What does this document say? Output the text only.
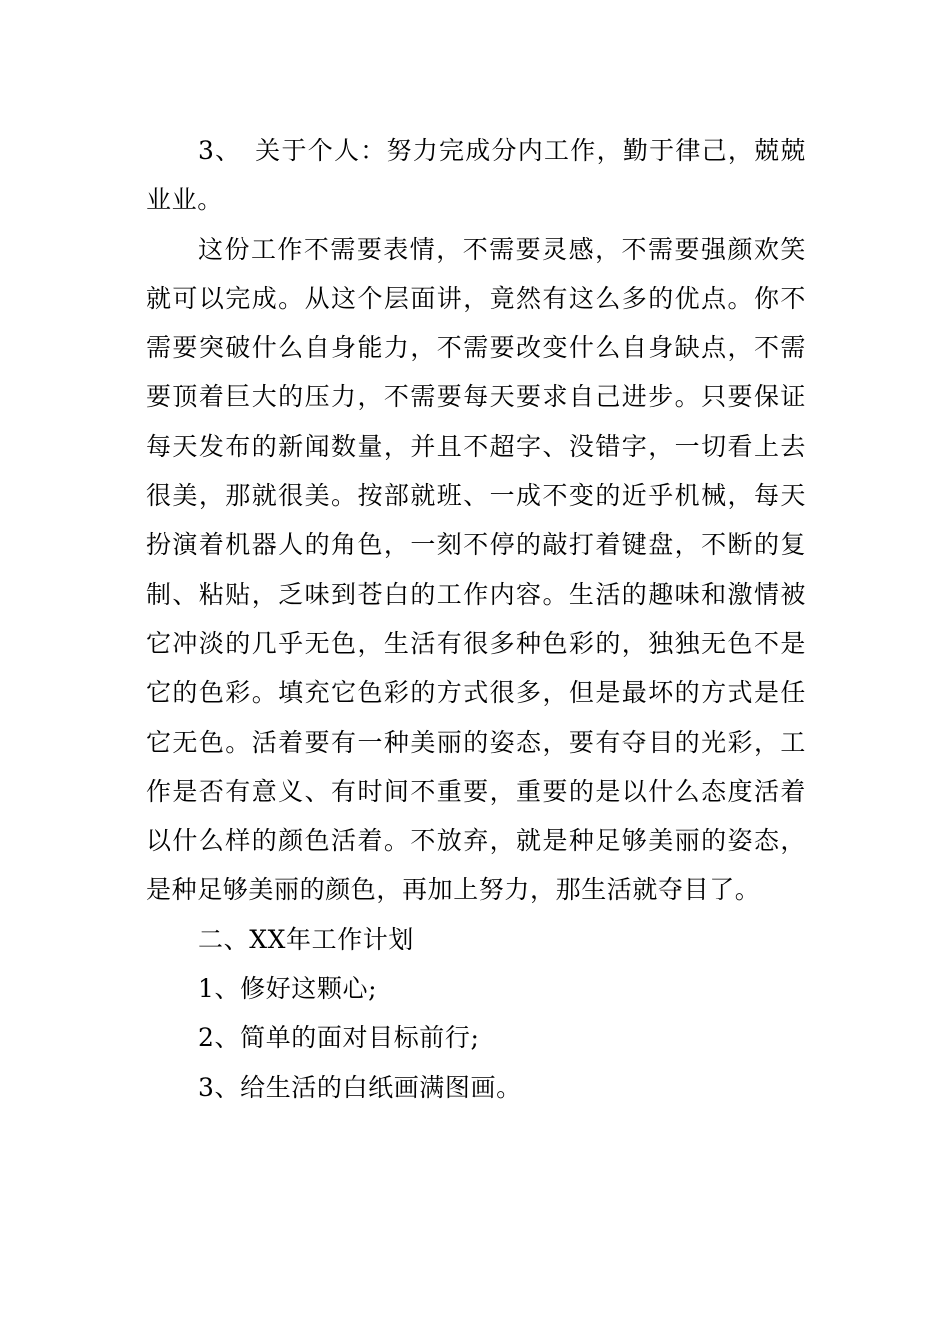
3、　关于个人：努力完成分内工作，勤于律己，兢兢业业。

这份工作不需要表情，不需要灵感，不需要强颜欢笑就可以完成。从这个层面讲，竟然有这么多的优点。你不需要突破什么自身能力，不需要改变什么自身缺点，不需要顶着巨大的压力，不需要每天要求自己进步。只要保证每天发布的新闻数量，并且不超字、没错字，一切看上去很美，那就很美。按部就班、一成不变的近乎机械，每天扮演着机器人的角色，一刻不停的敲打着键盘，不断的复制、粘贴，乏味到苍白的工作内容。生活的趣味和激情被它冲淡的几乎无色，生活有很多种色彩的，独独无色不是它的色彩。填充它色彩的方式很多，但是最坏的方式是任它无色。活着要有一种美丽的姿态，要有夺目的光彩，工作是否有意义、有时间不重要，重要的是以什么态度活着以什么样的颜色活着。不放弃，就是种足够美丽的姿态，是种足够美丽的颜色，再加上努力，那生活就夺目了。

二、XX年工作计划

1、修好这颗心;

2、简单的面对目标前行;

3、给生活的白纸画满图画。
